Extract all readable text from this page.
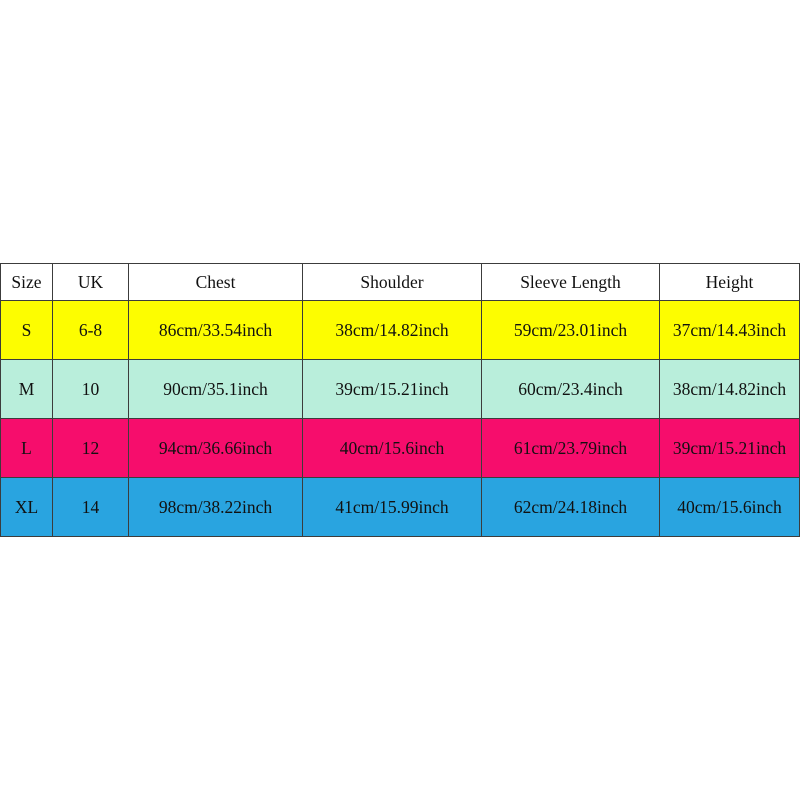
Size	UK	Chest	Shoulder	Sleeve Length	Height
S	6-8	86cm/33.54inch	38cm/14.82inch	59cm/23.01inch	37cm/14.43inch
M	10	90cm/35.1inch	39cm/15.21inch	60cm/23.4inch	38cm/14.82inch
L	12	94cm/36.66inch	40cm/15.6inch	61cm/23.79inch	39cm/15.21inch
XL	14	98cm/38.22inch	41cm/15.99inch	62cm/24.18inch	40cm/15.6inch
